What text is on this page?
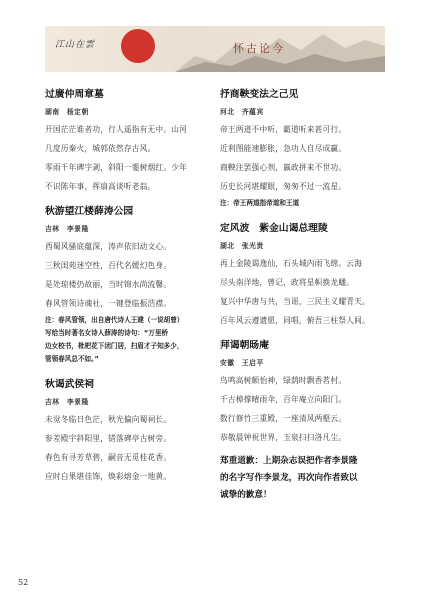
江山在雲	怀古论今

过廣仲周章墓

湖南　杨定朝

开国茫茫谁者功，行人遥指有无中。山河

几度历秦火，城郭依然存古风。

零雨千年碑字剥，斜阳一霎树烟红。少年

不识陈年事，挥扇高谈听老翁。

秋游望江楼薛涛公园

吉林　李景隆

西蜀风骚底蕴深，涛声依旧动文心。

三秋闺苑迷空性，百代名媛幻色身。

是处琼楼仍故丽，当时锦水尚流馨。

春风管领诗魂社，一键登临振浩襟。

注：春风管领，出自唐代诗人王建（一说胡曾）

写给当时著名女诗人薛涛的诗句：“万里桥

边女校书，枇杷花下闭门居，扫眉才子知多少，

管领春风总不如。”

秋谒武侯祠

吉林　李景隆

未觉冬临日色茫，秋光偏向蜀祠长。

参差殿宇斜阳里，错落碑亭古树旁。

春色有寻芳草碧，嗣音无觅桂花香。

应时白果堪佳饰，焕彩熔金一地黄。

抒商鞅变法之己见

河北　齐蕴宾

帝王两道不中听，霸道听来甚可行。

近利图能速膨胀，急功人自尽成赢。

商鞅注罢强心剂，嬴政拼来不世功。

历史长河堪耀眼，匆匆不过一流星。

注：帝王两道指帝道和王道

定风波　紫金山谒总理陵

湖北　张光贵

再上金陵谒逸仙，石头城内雨飞绵。云海

尽头南洋地，曾记，政将星帜换龙蟠。

复兴中华唐与共，当谣，三民主义耀青天。

百年风云遵遗愿，同唱，俯吾三柱祭人间。

拜谒朝旸庵

安徽　王启平

鸟鸣高树颇怡神，绿荫时飘香茗村。

千古樟撑晴雨伞，百年庵立向阳门。

数行修竹三重殿，一座清风两壑云。

恭敬晨钟祝世界，玉泉扫扫洛凡尘。

郑重道歉：上期杂志误把作者李景隆

的名字写作李景龙，再次向作者致以

诚挚的歉意！

52
